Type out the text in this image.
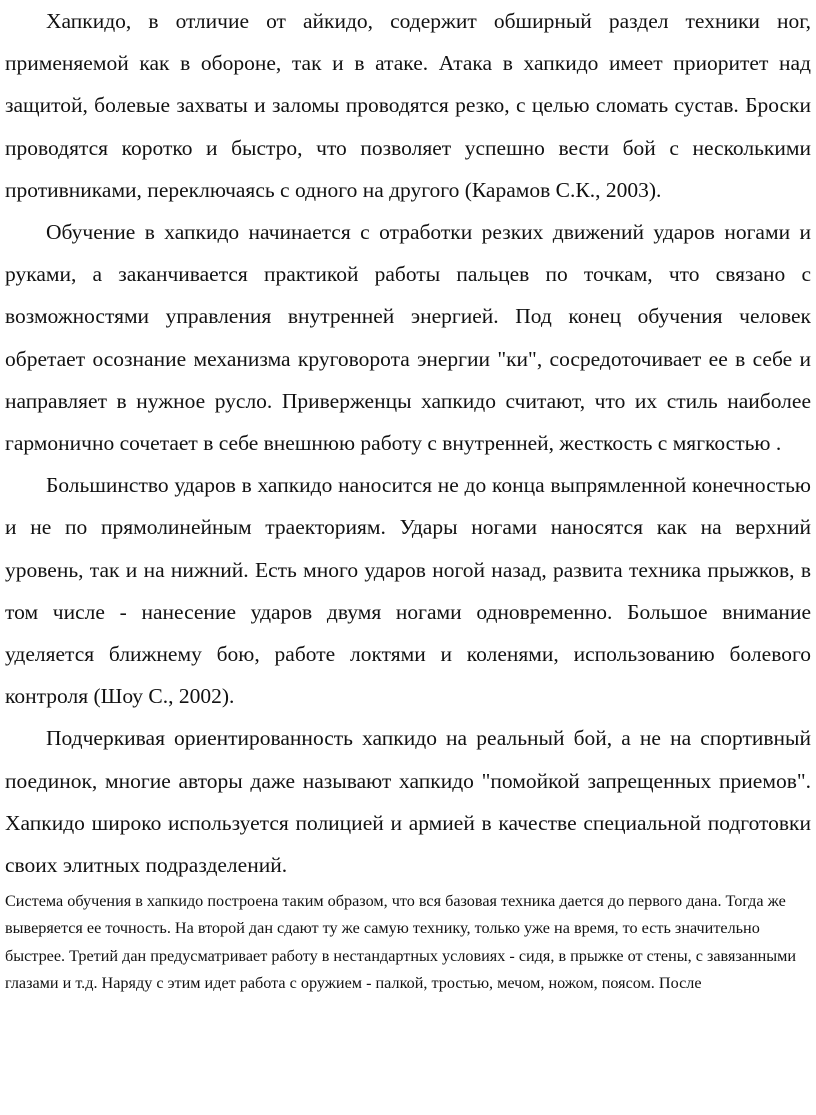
Хапкидо, в отличие от айкидо, содержит обширный раздел техники ног, применяемой как в обороне, так и в атаке. Атака в хапкидо имеет приоритет над защитой, болевые захваты и заломы проводятся резко, с целью сломать сустав. Броски проводятся коротко и быстро, что позволяет успешно вести бой с несколькими противниками, переключаясь с одного на другого (Карамов С.К., 2003).

Обучение в хапкидо начинается с отработки резких движений ударов ногами и руками, а заканчивается практикой работы пальцев по точкам, что связано с возможностями управления внутренней энергией. Под конец обучения человек обретает осознание механизма круговорота энергии "ки", сосредоточивает ее в себе и направляет в нужное русло. Приверженцы хапкидо считают, что их стиль наиболее гармонично сочетает в себе внешнюю работу с внутренней, жесткость с мягкостью .

Большинство ударов в хапкидо наносится не до конца выпрямленной конечностью и не по прямолинейным траекториям. Удары ногами наносятся как на верхний уровень, так и на нижний. Есть много ударов ногой назад, развита техника прыжков, в том числе - нанесение ударов двумя ногами одновременно. Большое внимание уделяется ближнему бою, работе локтями и коленями, использованию болевого контроля (Шоу С., 2002).

Подчеркивая ориентированность хапкидо на реальный бой, а не на спортивный поединок, многие авторы даже называют хапкидо "помойкой запрещенных приемов". Хапкидо широко используется полицией и армией в качестве специальной подготовки своих элитных подразделений.

Система обучения в хапкидо построена таким образом, что вся базовая техника дается до первого дана. Тогда же выверяется ее точность. На второй дан сдают ту же самую технику, только уже на время, то есть значительно быстрее. Третий дан предусматривает работу в нестандартных условиях - сидя, в прыжке от стены, с завязанными глазами и т.д. Наряду с этим идет работа с оружием - палкой, тростью, мечом, ножом, поясом. После
